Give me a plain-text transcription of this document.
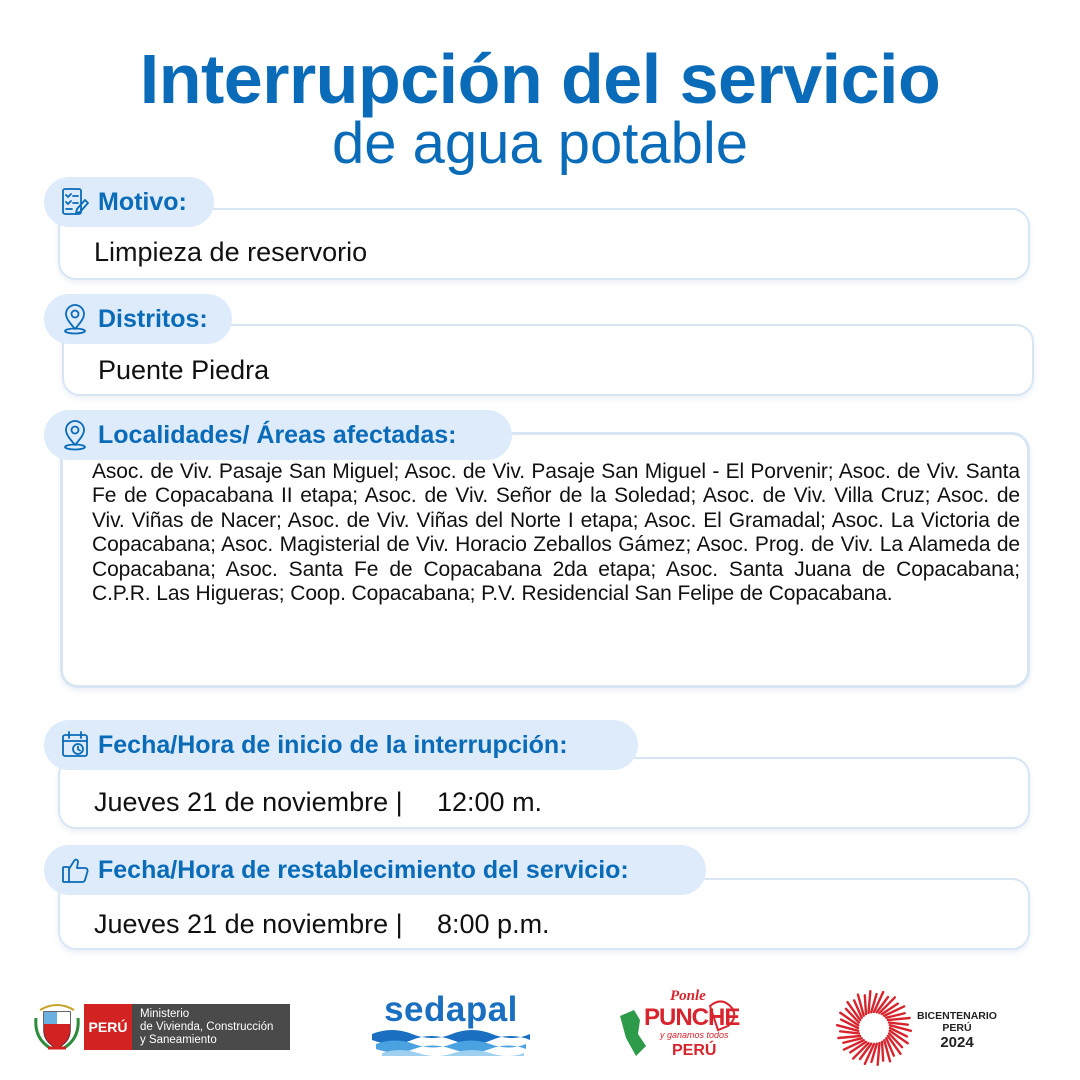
Interrupción del servicio
de agua potable
Motivo:
Limpieza de reservorio
Distritos:
Puente Piedra
Localidades/ Áreas afectadas:
Asoc. de Viv. Pasaje San Miguel; Asoc. de Viv. Pasaje San Miguel - El Porvenir; Asoc. de Viv. Santa Fe de Copacabana II etapa; Asoc. de Viv. Señor de la Soledad; Asoc. de Viv. Villa Cruz; Asoc. de Viv. Viñas de Nacer; Asoc. de Viv. Viñas del Norte I etapa; Asoc. El Gramadal; Asoc. La Victoria de Copacabana; Asoc. Magisterial de Viv. Horacio Zeballos Gámez; Asoc. Prog. de Viv. La Alameda de Copacabana; Asoc. Santa Fe de Copacabana 2da etapa; Asoc. Santa Juana de Copacabana; C.P.R. Las Higueras; Coop. Copacabana; P.V. Residencial San Felipe de Copacabana.
Fecha/Hora de inicio de la interrupción:
Jueves 21 de noviembre | 12:00 m.
Fecha/Hora de restablecimiento del servicio:
Jueves 21 de noviembre | 8:00 p.m.
PERÚ
Ministerio
de Vivienda, Construcción
y Saneamiento
sedapal	Ponle
PUNCHE
y ganamos todos
PERÚ
BICENTENARIO
PERÚ
2024
